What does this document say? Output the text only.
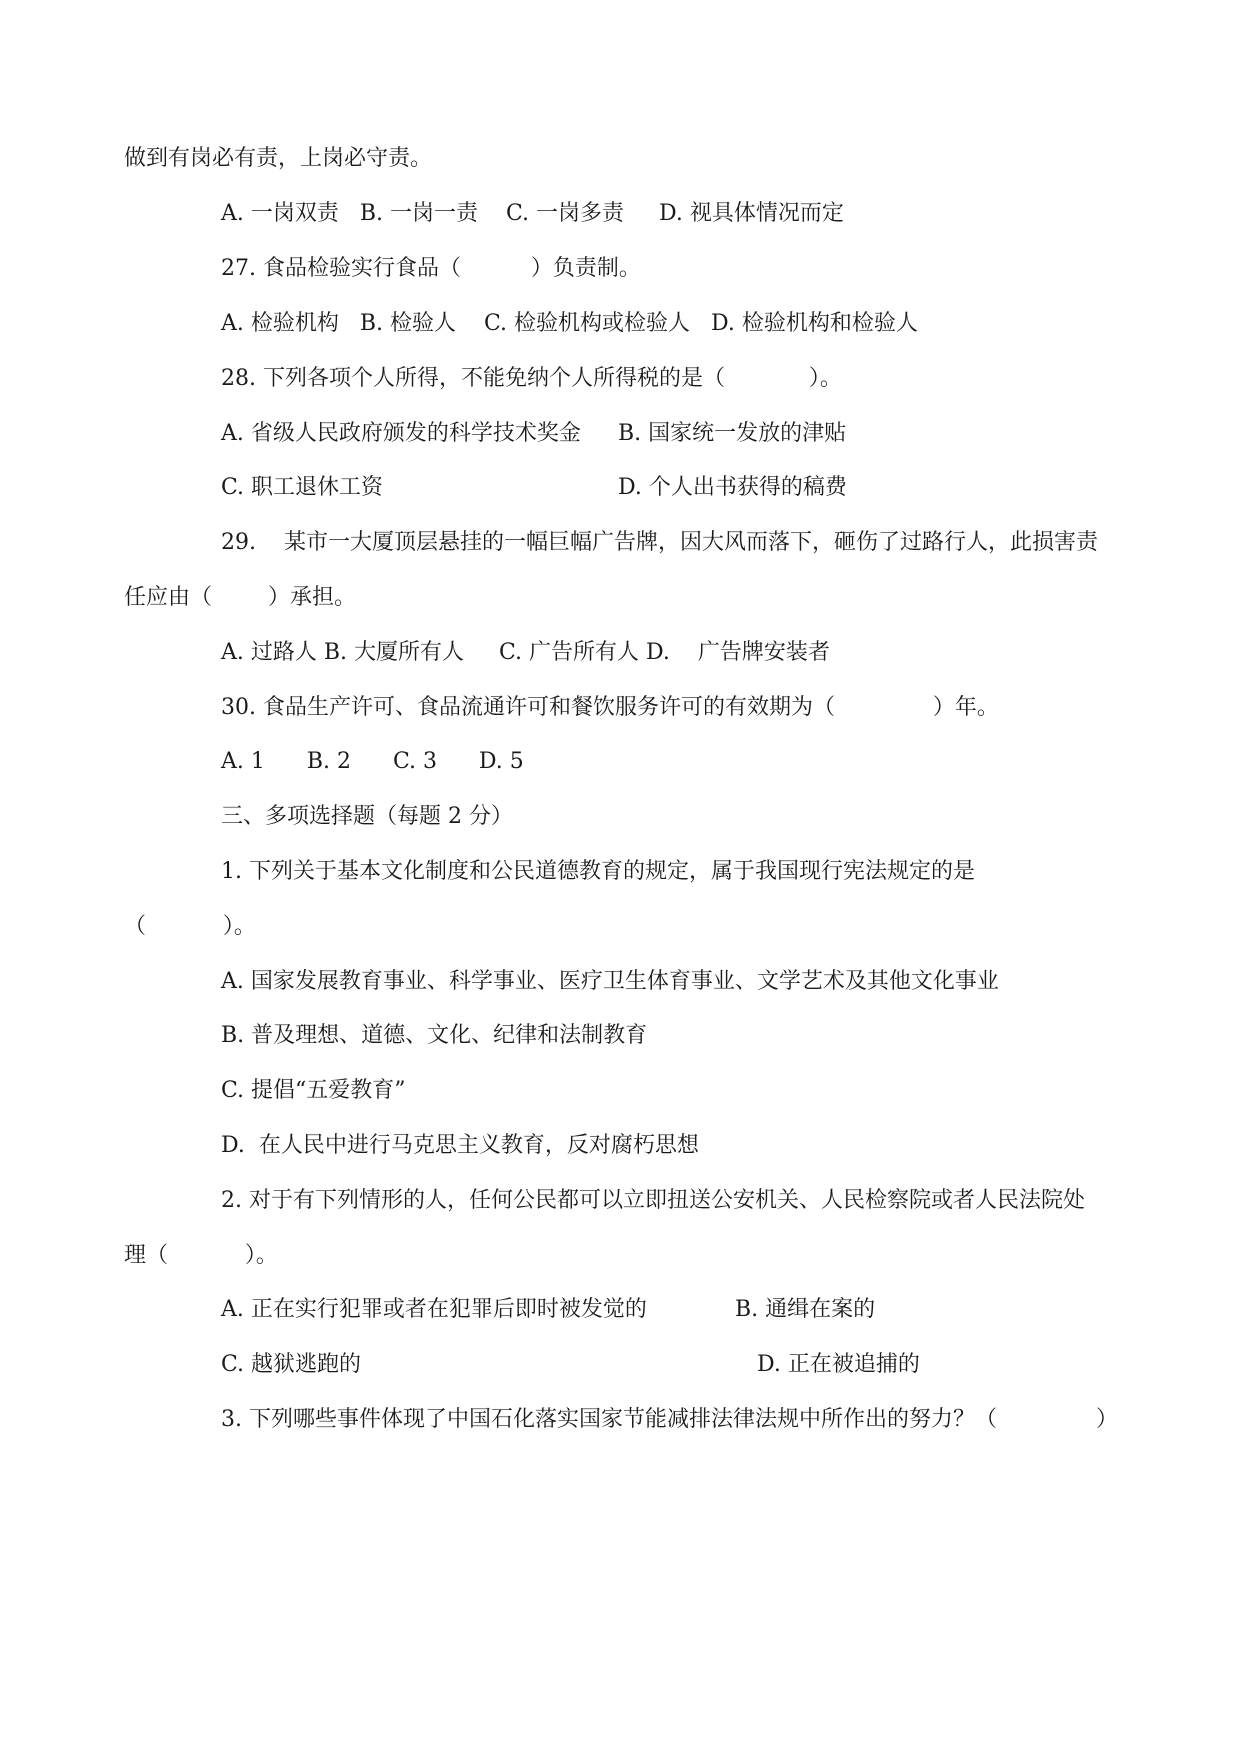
做到有岗必有责，上岗必守责。
A. 一岗双责   B. 一岗一责    C. 一岗多责     D. 视具体情况而定
27. 食品检验实行食品（          ）负责制。
A. 检验机构   B. 检验人    C. 检验机构或检验人   D. 检验机构和检验人
28. 下列各项个人所得，不能免纳个人所得税的是（            ）。
A. 省级人民政府颁发的科学技术奖金 B. 国家统一发放的津贴
C. 职工退休工资	D. 个人出书获得的稿费
29.    某市一大厦顶层悬挂的一幅巨幅广告牌，因大风而落下，砸伤了过路行人，此损害责
任应由（        ）承担。
A. 过路人 B. 大厦所有人     C. 广告所有人 D.    广告牌安装者
30. 食品生产许可、食品流通许可和餐饮服务许可的有效期为（              ）年。
A. 1      B. 2      C. 3      D. 5
三、多项选择题（每题 2 分）
1. 下列关于基本文化制度和公民道德教育的规定，属于我国现行宪法规定的是
（           ）。
A. 国家发展教育事业、科学事业、医疗卫生体育事业、文学艺术及其他文化事业
B. 普及理想、道德、文化、纪律和法制教育
C. 提倡“五爱教育”
D.  在人民中进行马克思主义教育，反对腐朽思想
2. 对于有下列情形的人，任何公民都可以立即扭送公安机关、人民检察院或者人民法院处
理（           ）。
A. 正在实行犯罪或者在犯罪后即时被发觉的	B. 通缉在案的
C. 越狱逃跑的	D. 正在被追捕的
3. 下列哪些事件体现了中国石化落实国家节能减排法律法规中所作出的努力？（	）
